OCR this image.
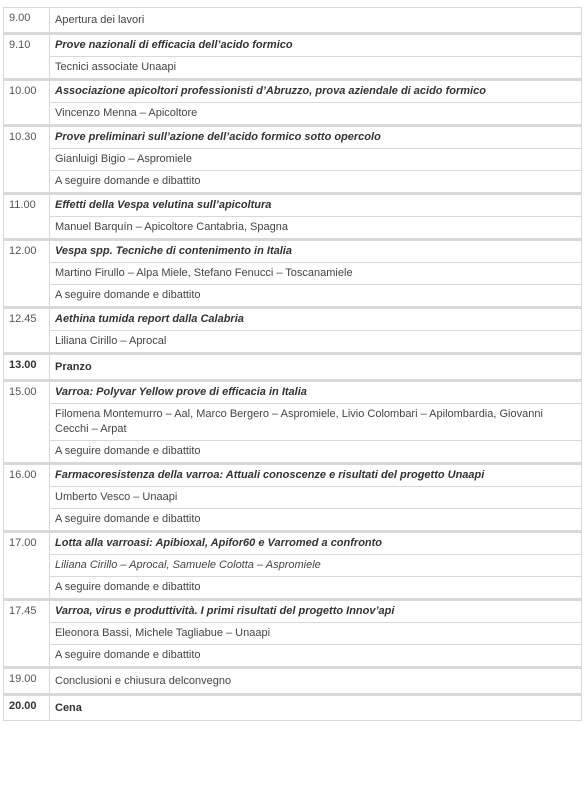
9.00	Apertura dei lavori

9.10	Prove nazionali di efficacia dell’acido formico
	Tecnici associate Unaapi

10.00	Associazione apicoltori professionisti d’Abruzzo, prova aziendale di acido formico
	Vincenzo Menna – Apicoltore

10.30	Prove preliminari sull’azione dell’acido formico sotto opercolo
	Gianluigi Bigio – Aspromiele
	A seguire domande e dibattito

11.00	Effetti della Vespa velutina sull’apicoltura
	Manuel Barquín – Apicoltore Cantabria, Spagna

12.00	Vespa spp. Tecniche di contenimento in Italia
	Martino Firullo – Alpa Miele, Stefano Fenucci – Toscanamiele
	A seguire domande e dibattito

12.45	Aethina tumida report dalla Calabria
	Liliana Cirillo – Aprocal

13.00	Pranzo

15.00	Varroa: Polyvar Yellow prove di efficacia in Italia
	Filomena Montemurro – Aal, Marco Bergero – Aspromiele, Livio Colombari – Apilombardia, Giovanni Cecchi – Arpat
	A seguire domande e dibattito

16.00	Farmacoresistenza della varroa: Attuali conoscenze e risultati del progetto Unaapi
	Umberto Vesco – Unaapi
	A seguire domande e dibattito

17.00	Lotta alla varroasi: Apibioxal, Apifor60 e Varromed a confronto
	Liliana Cirillo – Aprocal, Samuele Colotta – Aspromiele
	A seguire domande e dibattito

17.45	Varroa, virus e produttività. I primi risultati del progetto Innov’api
	Eleonora Bassi, Michele Tagliabue – Unaapi
	A seguire domande e dibattito

19.00	Conclusioni e chiusura delconvegno

20.00	Cena
